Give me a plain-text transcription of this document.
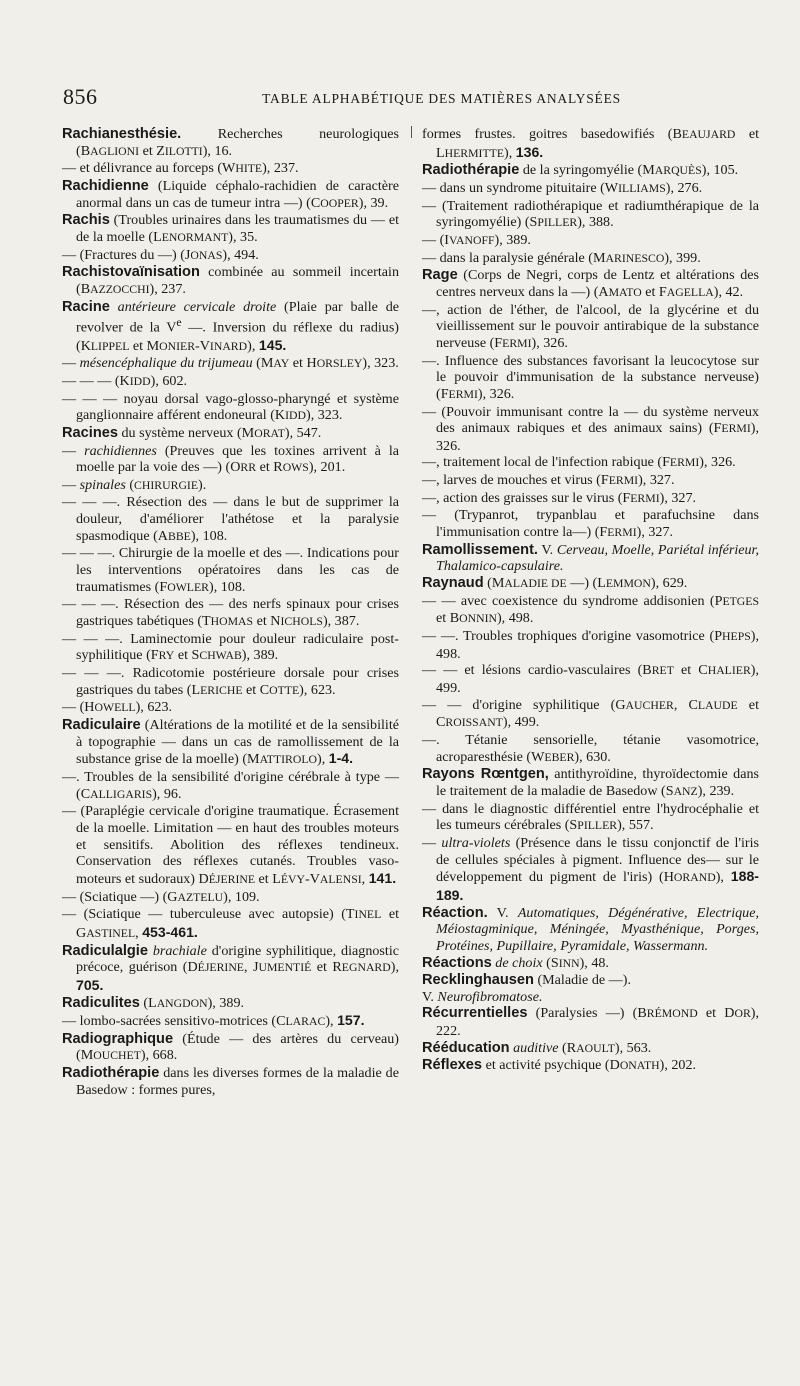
856	TABLE ALPHABÉTIQUE DES MATIÈRES ANALYSÉES

Rachianesthésie. Recherches neurologiques (BAGLIONI et ZILOTTI), 16.

— et délivrance au forceps (WHITE), 237.

Rachidienne (Liquide céphalo-rachidien de caractère anormal dans un cas de tumeur intra —) (COOPER), 39.

Rachis (Troubles urinaires dans les traumatismes du — et de la moelle (LENORMANT), 35.

— (Fractures du —) (JONAS), 494.

Rachistovaïnisation combinée au sommeil incertain (BAZZOCCHI), 237.

Racine antérieure cervicale droite (Plaie par balle de revolver de la Ve —. Inversion du réflexe du radius) (KLIPPEL et MONIER-VINARD), 145.

— mésencéphalique du trijumeau (MAY et HORSLEY), 323.

— — — (KIDD), 602.

— — — noyau dorsal vago-glosso-pharyngé et système ganglionnaire afférent endoneural (KIDD), 323.

Racines du système nerveux (MORAT), 547.

— rachidiennes (Preuves que les toxines arrivent à la moelle par la voie des —) (ORR et ROWS), 201.

— spinales (CHIRURGIE).

— — —. Résection des — dans le but de supprimer la douleur, d'améliorer l'athétose et la paralysie spasmodique (ABBE), 108.

— — —. Chirurgie de la moelle et des —. Indications pour les interventions opératoires dans les cas de traumatismes (FOWLER), 108.

— — —. Résection des — des nerfs spinaux pour crises gastriques tabétiques (THOMAS et NICHOLS), 387.

— — —. Laminectomie pour douleur radiculaire post-syphilitique (FRY et SCHWAB), 389.

— — —. Radicotomie postérieure dorsale pour crises gastriques du tabes (LERICHE et COTTE), 623.

— (HOWELL), 623.

Radiculaire (Altérations de la motilité et de la sensibilité à topographie — dans un cas de ramollissement de la substance grise de la moelle) (MATTIROLO), 1-4.

—. Troubles de la sensibilité d'origine cérébrale à type — (CALLIGARIS), 96.

— (Paraplégie cervicale d'origine traumatique. Écrasement de la moelle. Limitation — en haut des troubles moteurs et sensitifs. Abolition des réflexes tendineux. Conservation des réflexes cutanés. Troubles vaso-moteurs et sudoraux) DÉJERINE et LÉVY-VALENSI, 141.

— (Sciatique —) (GAZTELU), 109.

— (Sciatique — tuberculeuse avec autopsie) (TINEL et GASTINEL, 453-461.

Radiculalgie brachiale d'origine syphilitique, diagnostic précoce, guérison (DÉJERINE, JUMENTIÉ et REGNARD), 705.

Radiculites (LANGDON), 389.

— lombo-sacrées sensitivo-motrices (CLARAC), 157.

Radiographique (Étude — des artères du cerveau) (MOUCHET), 668.

Radiothérapie dans les diverses formes de la maladie de Basedow : formes pures,

formes frustes. goitres basedowifiés (BEAUJARD et LHERMITTE), 136.

Radiothérapie de la syringomyélie (MARQUÈS), 105.

— dans un syndrome pituitaire (WILLIAMS), 276.

— (Traitement radiothérapique et radiumthérapique de la syringomyélie) (SPILLER), 388.

— (IVANOFF), 389.

— dans la paralysie générale (MARINESCO), 399.

Rage (Corps de Negri, corps de Lentz et altérations des centres nerveux dans la —) (AMATO et FAGELLA), 42.

—, action de l'éther, de l'alcool, de la glycérine et du vieillissement sur le pouvoir antirabique de la substance nerveuse (FERMI), 326.

—. Influence des substances favorisant la leucocytose sur le pouvoir d'immunisation de la substance nerveuse) (FERMI), 326.

— (Pouvoir immunisant contre la — du système nerveux des animaux rabiques et des animaux sains) (FERMI), 326.

—, traitement local de l'infection rabique (FERMI), 326.

—, larves de mouches et virus (FERMI), 327.

—, action des graisses sur le virus (FERMI), 327.

— (Trypanrot, trypanblau et parafuchsine dans l'immunisation contre la—) (FERMI), 327.

Ramollissement. V. Cerveau, Moelle, Pariétal inférieur, Thalamico-capsulaire.

Raynaud (MALADIE DE —) (LEMMON), 629.

— — avec coexistence du syndrome addisonien (PETGES et BONNIN), 498.

— —. Troubles trophiques d'origine vasomotrice (PHEPS), 498.

— — et lésions cardio-vasculaires (BRET et CHALIER), 499.

— — d'origine syphilitique (GAUCHER, CLAUDE et CROISSANT), 499.

—. Tétanie sensorielle, tétanie vasomotrice, acroparesthésie (WEBER), 630.

Rayons Rœntgen, antithyroïdine, thyroïdectomie dans le traitement de la maladie de Basedow (SANZ), 239.

— dans le diagnostic différentiel entre l'hydrocéphalie et les tumeurs cérébrales (SPILLER), 557.

— ultra-violets (Présence dans le tissu conjonctif de l'iris de cellules spéciales à pigment. Influence des— sur le développement du pigment de l'iris) (HORAND), 188-189.

Réaction. V. Automatiques, Dégénérative, Electrique, Méiostagminique, Méningée, Myasthénique, Porges, Protéines, Pupillaire, Pyramidale, Wassermann.

Réactions de choix (SINN), 48.

Recklinghausen (Maladie de —).

V. Neurofibromatose.

Récurrentielles (Paralysies —) (BRÉMOND et DOR), 222.

Rééducation auditive (RAOULT), 563.

Réflexes et activité psychique (DONATH), 202.
